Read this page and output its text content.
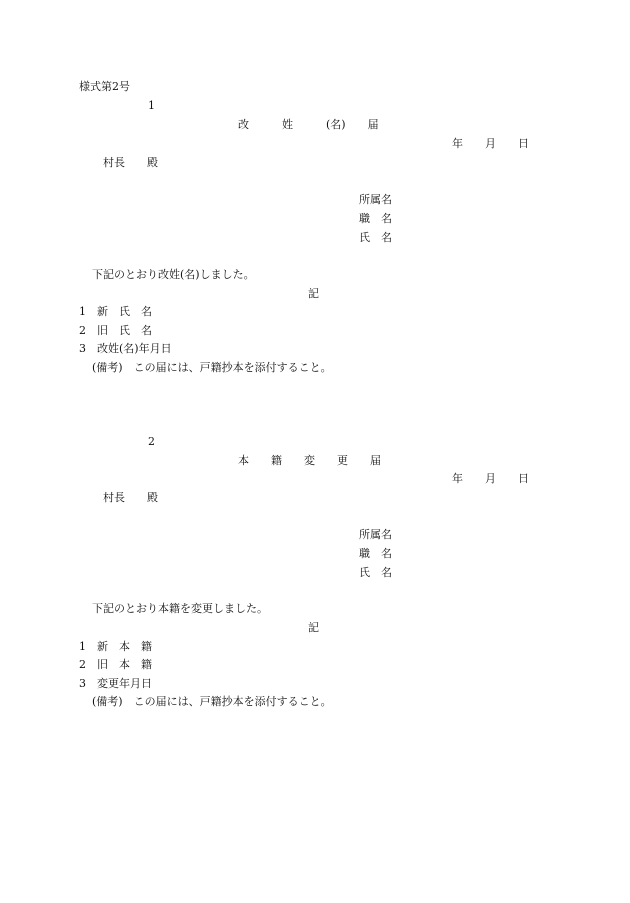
様式第2号
1
改　　　姓　　　(名)　　届
年　　月　　日
村長　　殿
所属名
職　名
氏　名
下記のとおり改姓(名)しました。
記
1　新　氏　名
2　旧　氏　名
3　改姓(名)年月日
(備考)　この届には、戸籍抄本を添付すること。
2
本　　籍　　変　　更　　届
年　　月　　日
村長　　殿
所属名
職　名
氏　名
下記のとおり本籍を変更しました。
記
1　新　本　籍
2　旧　本　籍
3　変更年月日
(備考)　この届には、戸籍抄本を添付すること。
